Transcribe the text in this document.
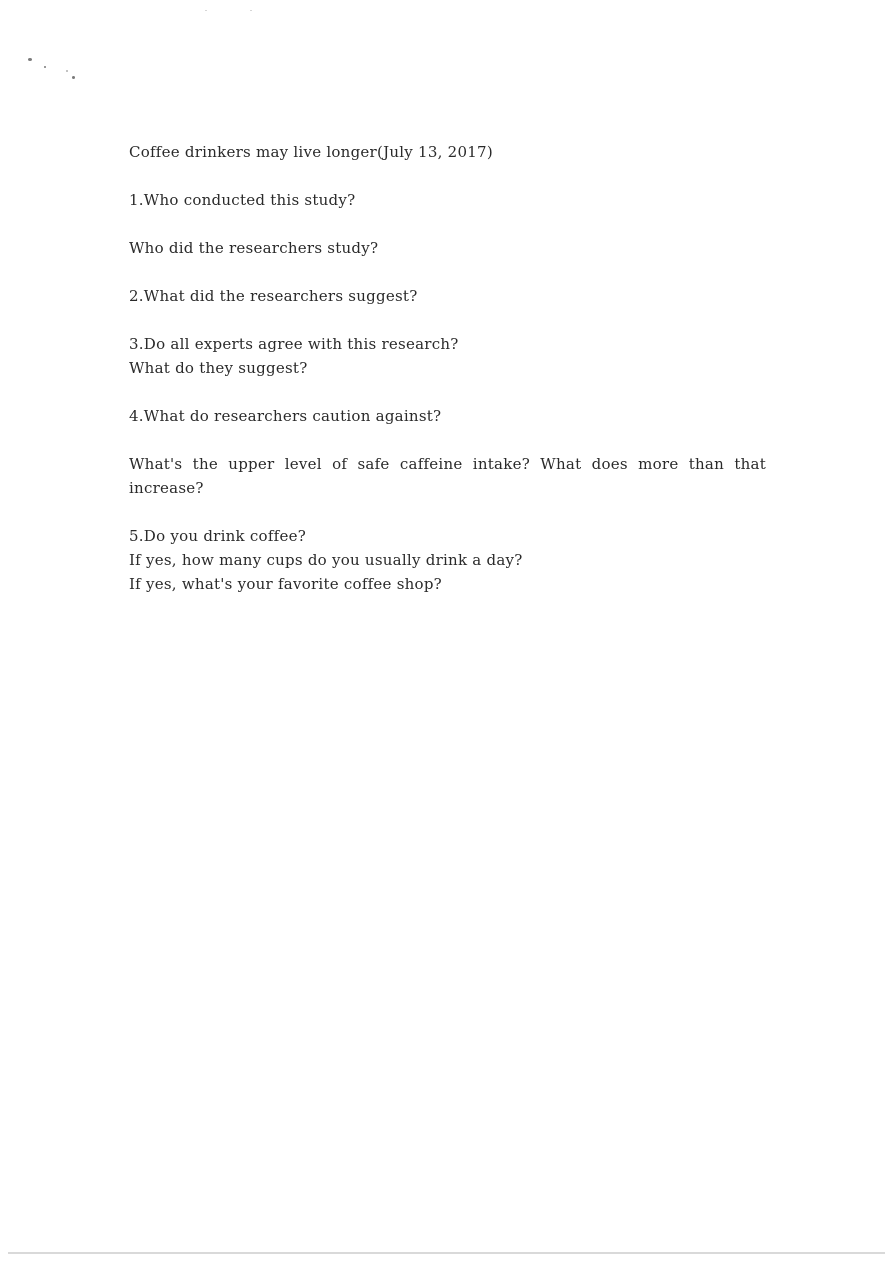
Coffee drinkers may live longer(July 13, 2017)
1.Who conducted this study?
Who did the researchers study?
2.What did the researchers suggest?
3.Do all experts agree with this research?
What do they suggest?
4.What do researchers caution against?
What's the upper level of safe caffeine intake? What does more than that
increase?
5.Do you drink coffee?
If yes, how many cups do you usually drink a day?
If yes, what's your favorite coffee shop?
